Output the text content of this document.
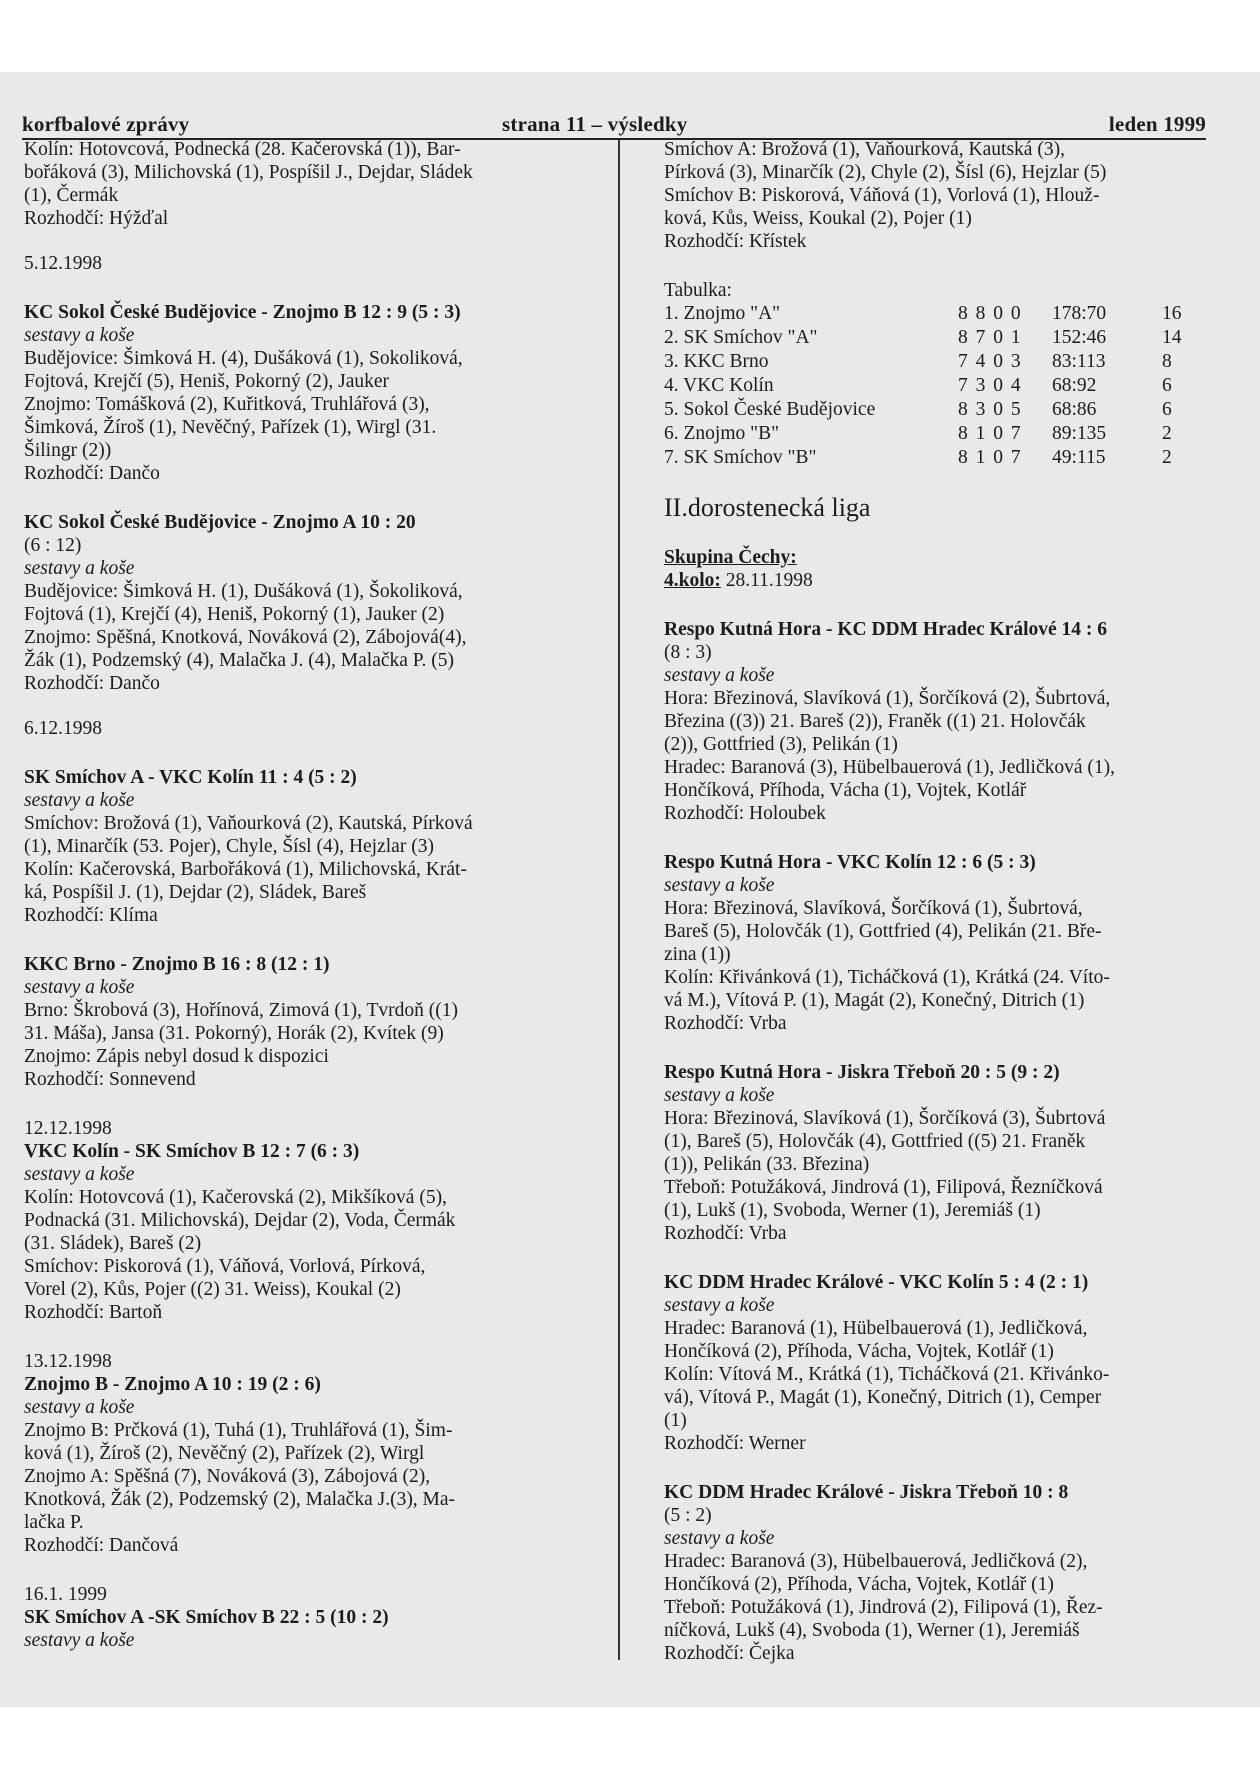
korfbalové zprávy	strana 11 – výsledky	leden 1999
Kolín: Hotovcová, Podnecká (28. Kačerovská (1)), Bar-
bořáková (3), Milichovská (1), Pospíšil J., Dejdar, Sládek
(1), Čermák
Rozhodčí: Hýžďal
5.12.1998
KC Sokol České Budějovice - Znojmo B 12 : 9 (5 : 3)
sestavy a koše
Budějovice: Šimková H. (4), Dušáková (1), Sokoliková,
Fojtová, Krejčí (5), Heniš, Pokorný (2), Jauker
Znojmo: Tomášková (2), Kuřitková, Truhlářová (3),
Šimková, Žíroš (1), Nevěčný, Pařízek (1), Wirgl (31.
Šilingr (2))
Rozhodčí: Dančo
KC Sokol České Budějovice - Znojmo A 10 : 20
(6 : 12)
sestavy a koše
Budějovice: Šimková H. (1), Dušáková (1), Šokoliková,
Fojtová (1), Krejčí (4), Heniš, Pokorný (1), Jauker (2)
Znojmo: Spěšná, Knotková, Nováková (2), Zábojová(4),
Žák (1), Podzemský (4), Malačka J. (4), Malačka P. (5)
Rozhodčí: Dančo
6.12.1998
SK Smíchov A - VKC Kolín 11 : 4 (5 : 2)
sestavy a koše
Smíchov: Brožová (1), Vaňourková (2), Kautská, Pírková
(1), Minarčík (53. Pojer), Chyle, Šísl (4), Hejzlar (3)
Kolín: Kačerovská, Barbořáková (1), Milichovská, Krát-
ká, Pospíšil J. (1), Dejdar (2), Sládek, Bareš
Rozhodčí: Klíma
KKC Brno - Znojmo B 16 : 8 (12 : 1)
sestavy a koše
Brno: Škrobová (3), Hořínová, Zimová (1), Tvrdoň ((1)
31. Máša), Jansa (31. Pokorný), Horák (2), Kvítek (9)
Znojmo: Zápis nebyl dosud k dispozici
Rozhodčí: Sonnevend
12.12.1998
VKC Kolín - SK Smíchov B 12 : 7 (6 : 3)
sestavy a koše
Kolín: Hotovcová (1), Kačerovská (2), Mikšíková (5),
Podnacká (31. Milichovská), Dejdar (2), Voda, Čermák
(31. Sládek), Bareš (2)
Smíchov: Piskorová (1), Váňová, Vorlová, Pírková,
Vorel (2), Kůs, Pojer ((2) 31. Weiss), Koukal (2)
Rozhodčí: Bartoň
13.12.1998
Znojmo B - Znojmo A 10 : 19 (2 : 6)
sestavy a koše
Znojmo B: Prčková (1), Tuhá (1), Truhlářová (1), Šim-
ková (1), Žíroš (2), Nevěčný (2), Pařízek (2), Wirgl
Znojmo A: Spěšná (7), Nováková (3), Zábojová (2),
Knotková, Žák (2), Podzemský (2), Malačka J.(3), Ma-
lačka P.
Rozhodčí: Dančová
16.1. 1999
SK Smíchov A -SK Smíchov B 22 : 5 (10 : 2)
sestavy a koše
Smíchov A: Brožová (1), Vaňourková, Kautská (3),
Pírková (3), Minarčík (2), Chyle (2), Šísl (6), Hejzlar (5)
Smíchov B: Piskorová, Váňová (1), Vorlová (1), Hlouž-
ková, Kůs, Weiss, Koukal (2), Pojer (1)
Rozhodčí: Křístek
Tabulka:
1. Znojmo "A"	8 8 0 0	178:70	16
2. SK Smíchov "A"	8 7 0 1	152:46	14
3. KKC Brno	7 4 0 3	83:113	8
4. VKC Kolín	7 3 0 4	68:92	6
5. Sokol České Budějovice	8 3 0 5	68:86	6
6. Znojmo "B"	8 1 0 7	89:135	2
7. SK Smíchov "B"	8 1 0 7	49:115	2
II.dorostenecká liga
Skupina Čechy:
4.kolo: 28.11.1998
Respo Kutná Hora - KC DDM Hradec Králové 14 : 6
(8 : 3)
sestavy a koše
Hora: Březinová, Slavíková (1), Šorčíková (2), Šubrtová,
Březina ((3)) 21. Bareš (2)), Franěk ((1) 21. Holovčák
(2)), Gottfried (3), Pelikán (1)
Hradec: Baranová (3), Hübelbauerová (1), Jedličková (1),
Hončíková, Příhoda, Vácha (1), Vojtek, Kotlář
Rozhodčí: Holoubek
Respo Kutná Hora - VKC Kolín 12 : 6 (5 : 3)
sestavy a koše
Hora: Březinová, Slavíková, Šorčíková (1), Šubrtová,
Bareš (5), Holovčák (1), Gottfried (4), Pelikán (21. Bře-
zina (1))
Kolín: Křivánková (1), Ticháčková (1), Krátká (24. Víto-
vá M.), Vítová P. (1), Magát (2), Konečný, Ditrich (1)
Rozhodčí: Vrba
Respo Kutná Hora - Jiskra Třeboň 20 : 5 (9 : 2)
sestavy a koše
Hora: Březinová, Slavíková (1), Šorčíková (3), Šubrtová
(1), Bareš (5), Holovčák (4), Gottfried ((5) 21. Franěk
(1)), Pelikán (33. Březina)
Třeboň: Potužáková, Jindrová (1), Filipová, Řezníčková
(1), Lukš (1), Svoboda, Werner (1), Jeremiáš (1)
Rozhodčí: Vrba
KC DDM Hradec Králové - VKC Kolín 5 : 4 (2 : 1)
sestavy a koše
Hradec: Baranová (1), Hübelbauerová (1), Jedličková,
Hončíková (2), Příhoda, Vácha, Vojtek, Kotlář (1)
Kolín: Vítová M., Krátká (1), Ticháčková (21. Křivánko-
vá), Vítová P., Magát (1), Konečný, Ditrich (1), Cemper
(1)
Rozhodčí: Werner
KC DDM Hradec Králové - Jiskra Třeboň 10 : 8
(5 : 2)
sestavy a koše
Hradec: Baranová (3), Hübelbauerová, Jedličková (2),
Hončíková (2), Příhoda, Vácha, Vojtek, Kotlář (1)
Třeboň: Potužáková (1), Jindrová (2), Filipová (1), Řez-
níčková, Lukš (4), Svoboda (1), Werner (1), Jeremiáš
Rozhodčí: Čejka
